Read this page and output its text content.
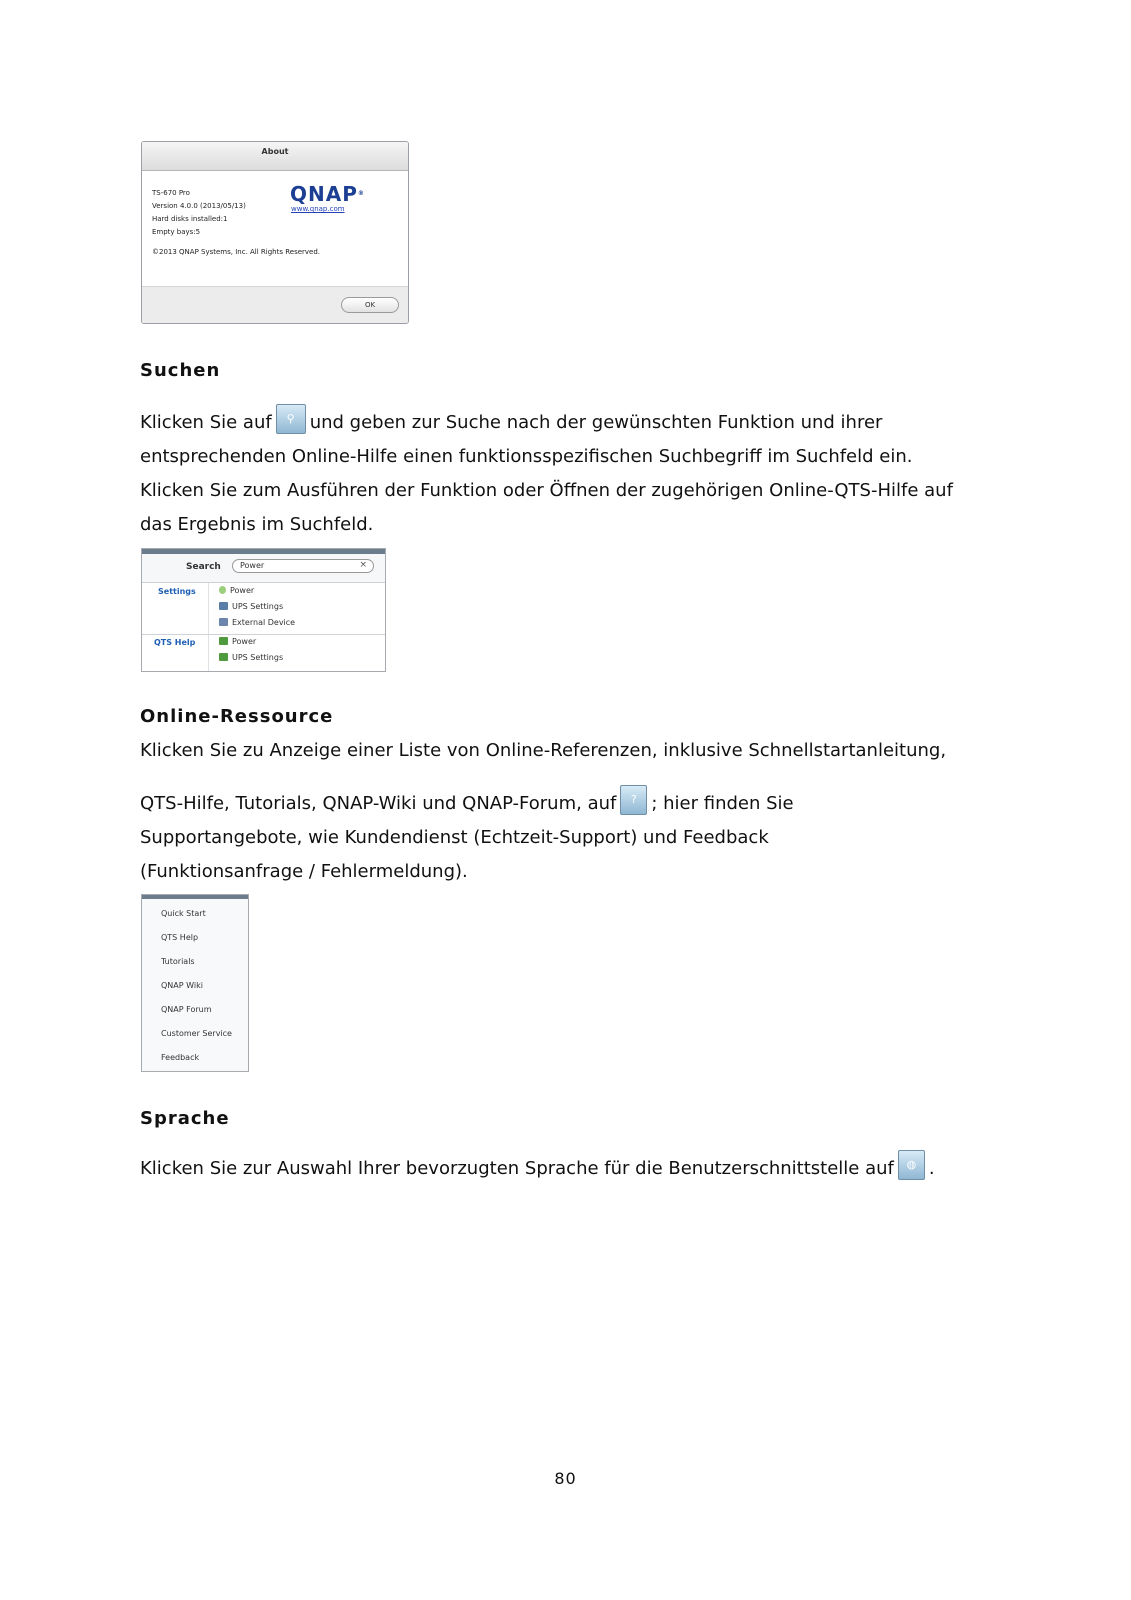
About
TS-670 Pro
Version 4.0.0 (2013/05/13)
Hard disks installed:1
Empty bays:5
©2013 QNAP Systems, Inc. All Rights Reserved.
QNAP®
www.qnap.com
OK
Suchen
Klicken Sie auf	⚲ und geben zur Suche nach der gewünschten Funktion und ihrer
entsprechenden Online-Hilfe einen funktionsspezifischen Suchbegriff im Suchfeld ein.
Klicken Sie zum Ausführen der Funktion oder Öffnen der zugehörigen Online-QTS-Hilfe auf
das Ergebnis im Suchfeld.
Search Power	×
Settings	Power
UPS Settings
External Device
QTS Help	Power
UPS Settings
Online-Ressource
Klicken Sie zu Anzeige einer Liste von Online-Referenzen, inklusive Schnellstartanleitung,
QTS-Hilfe, Tutorials, QNAP-Wiki und QNAP-Forum, auf	? ; hier finden Sie
Supportangebote, wie Kundendienst (Echtzeit-Support) und Feedback
(Funktionsanfrage / Fehlermeldung).
Quick Start
QTS Help
Tutorials
QNAP Wiki
QNAP Forum
Customer Service
Feedback
Sprache
Klicken Sie zur Auswahl Ihrer bevorzugten Sprache für die Benutzerschnittstelle auf	◍ .
80
